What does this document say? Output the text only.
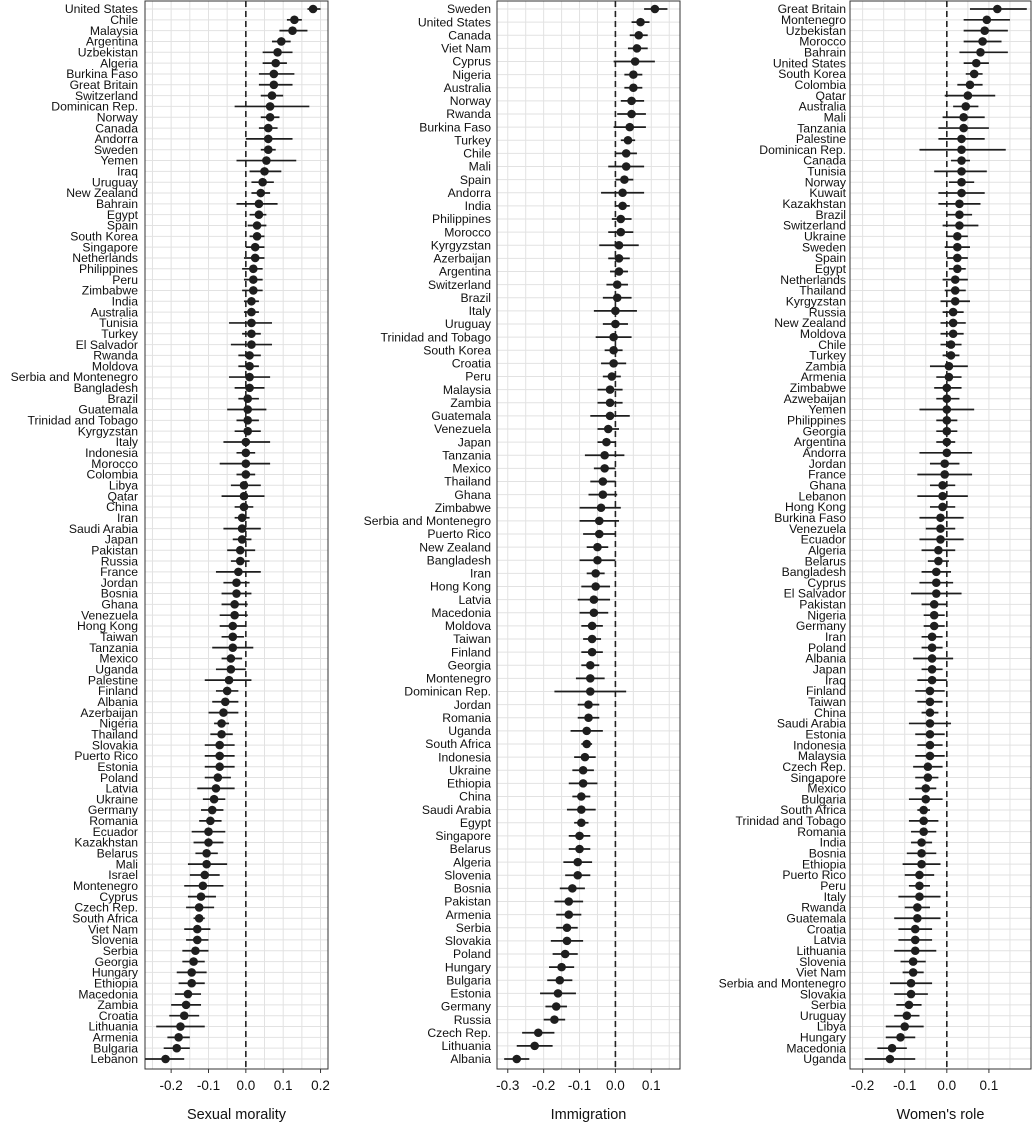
United States
Chile
Malaysia
Argentina
Uzbekistan
Algeria
Burkina Faso
Great Britain
Switzerland
Dominican Rep.
Norway
Canada
Andorra
Sweden
Yemen
Iraq
Uruguay
New Zealand
Bahrain
Egypt
Spain
South Korea
Singapore
Netherlands
Philippines
Peru
Zimbabwe
India
Australia
Tunisia
Turkey
El Salvador
Rwanda
Moldova
Serbia and Montenegro
Bangladesh
Brazil
Guatemala
Trinidad and Tobago
Kyrgyzstan
Italy
Indonesia
Morocco
Colombia
Libya
Qatar
China
Iran
Saudi Arabia
Japan
Pakistan
Russia
France
Jordan
Bosnia
Ghana
Venezuela
Hong Kong
Taiwan
Tanzania
Mexico
Uganda
Palestine
Finland
Albania
Azerbaijan
Nigeria
Thailand
Slovakia
Puerto Rico
Estonia
Poland
Latvia
Ukraine
Germany
Romania
Ecuador
Kazakhstan
Belarus
Mali
Israel
Montenegro
Cyprus
Czech Rep.
South Africa
Viet Nam
Slovenia
Serbia
Georgia
Hungary
Ethiopia
Macedonia
Zambia
Croatia
Lithuania
Armenia
Bulgaria
Lebanon
-0.2 -0.1 0.0 0.1 0.2
Sexual morality
Sweden
United States
Canada
Viet Nam
Cyprus
Nigeria
Australia
Norway
Rwanda
Burkina Faso
Turkey
Chile
Mali
Spain
Andorra
India
Philippines
Morocco
Kyrgyzstan
Azerbaijan
Argentina
Switzerland
Brazil
Italy
Uruguay
Trinidad and Tobago
South Korea
Croatia
Peru
Malaysia
Zambia
Guatemala
Venezuela
Japan
Tanzania
Mexico
Thailand
Ghana
Zimbabwe
Serbia and Montenegro
Puerto Rico
New Zealand
Bangladesh
Iran
Hong Kong
Latvia
Macedonia
Moldova
Taiwan
Finland
Georgia
Montenegro
Dominican Rep.
Jordan
Romania
Uganda
South Africa
Indonesia
Ukraine
Ethiopia
China
Saudi Arabia
Egypt
Singapore
Belarus
Algeria
Slovenia
Bosnia
Pakistan
Armenia
Serbia
Slovakia
Poland
Hungary
Bulgaria
Estonia
Germany
Russia
Czech Rep.
Lithuania
Albania
-0.3 -0.2 -0.1 0.0 0.1
Immigration
Great Britain
Montenegro
Uzbekistan
Morocco
Bahrain
United States
South Korea
Colombia
Qatar
Australia
Mali
Tanzania
Palestine
Dominican Rep.
Canada
Tunisia
Norway
Kuwait
Kazakhstan
Brazil
Switzerland
Ukraine
Sweden
Spain
Egypt
Netherlands
Thailand
Kyrgyzstan
Russia
New Zealand
Moldova
Chile
Turkey
Zambia
Armenia
Zimbabwe
Azwebaijan
Yemen
Philippines
Georgia
Argentina
Andorra
Jordan
France
Ghana
Lebanon
Hong Kong
Burkina Faso
Venezuela
Ecuador
Algeria
Belarus
Bangladesh
Cyprus
El Salvador
Pakistan
Nigeria
Germany
Iran
Poland
Albania
Japan
Iraq
Finland
Taiwan
China
Saudi Arabia
Estonia
Indonesia
Malaysia
Czech Rep.
Singapore
Mexico
Bulgaria
South Africa
Trinidad and Tobago
Romania
India
Bosnia
Ethiopia
Puerto Rico
Peru
Italy
Rwanda
Guatemala
Croatia
Latvia
Lithuania
Slovenia
Viet Nam
Serbia and Montenegro
Slovakia
Serbia
Uruguay
Libya
Hungary
Macedonia
Uganda
-0.2 -0.1 0.0 0.1
Women's role
